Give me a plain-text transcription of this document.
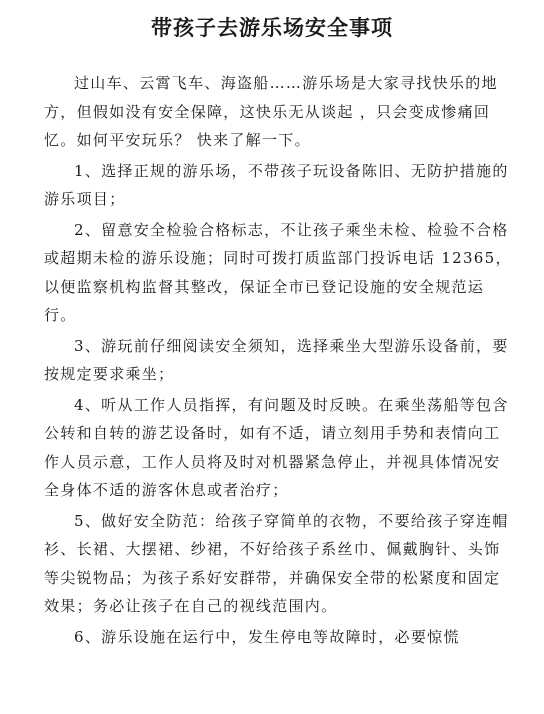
带孩子去游乐场安全事项

过山车、云霄飞车、海盗船……游乐场是大家寻找快乐的地方，但假如没有安全保障，这快乐无从谈起 ，只会变成惨痛回忆。如何平安玩乐？ 快来了解一下。

1、选择正规的游乐场，不带孩子玩设备陈旧、无防护措施的游乐项目；

2、留意安全检验合格标志，不让孩子乘坐未检、检验不合格或超期未检的游乐设施；同时可拨打质监部门投诉电话 12365，以便监察机构监督其整改，保证全市已登记设施的安全规范运行。

3、游玩前仔细阅读安全须知，选择乘坐大型游乐设备前，要按规定要求乘坐；

4、听从工作人员指挥，有问题及时反映。在乘坐荡船等包含公转和自转的游艺设备时，如有不适，请立刻用手势和表情向工作人员示意，工作人员将及时对机器紧急停止，并视具体情况安全身体不适的游客休息或者治疗；

5、做好安全防范：给孩子穿简单的衣物，不要给孩子穿连帽衫、长裙、大摆裙、纱裙，不好给孩子系丝巾、佩戴胸针、头饰等尖锐物品；为孩子系好安群带，并确保安全带的松紧度和固定效果；务必让孩子在自己的视线范围内。

6、游乐设施在运行中，发生停电等故障时，必要惊慌
